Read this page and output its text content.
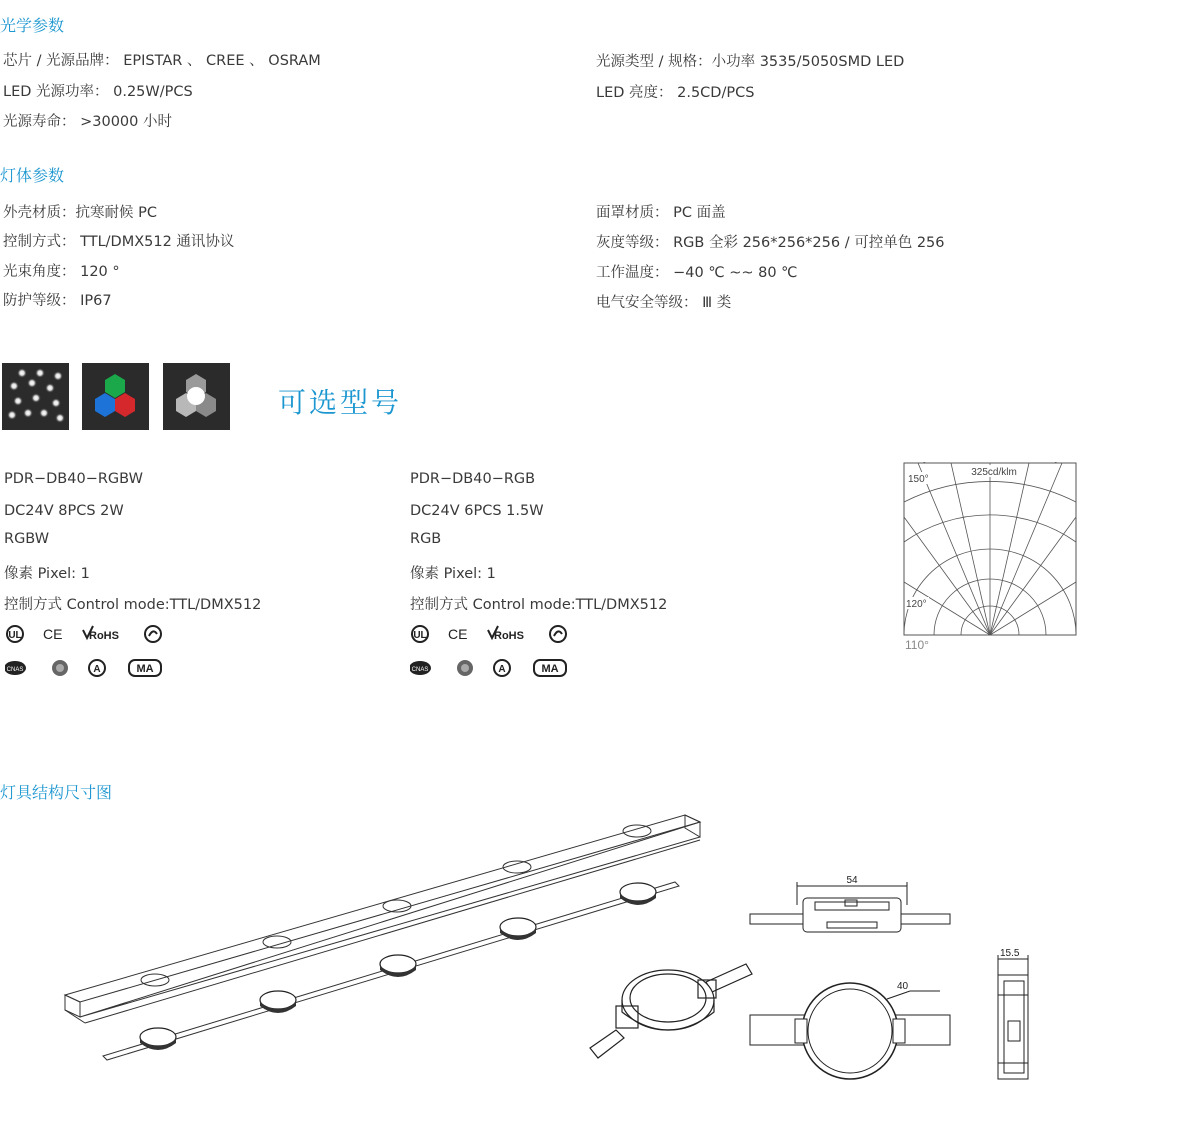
光学参数
芯片 / 光源品牌： EPISTAR 、 CREE 、 OSRAM
LED 光源功率： 0.25W/PCS
光源寿命： >30000 小时
光源类型 / 规格：小功率 3535/5050SMD LED
LED 亮度： 2.5CD/PCS
灯体参数
外壳材质：抗寒耐候 PC
控制方式： TTL/DMX512 通讯协议
光束角度： 120 °
防护等级： IP67
面罩材质： PC 面盖
灰度等级： RGB 全彩 256*256*256 / 可控单色 256
工作温度： −40 ℃ ~~ 80 ℃
电气安全等级： Ⅲ 类
可选型号
PDR−DB40−RGBW
DC24V 8PCS 2W
RGBW
像素 Pixel: 1
控制方式 Control mode:TTL/DMX512
PDR−DB40−RGB
DC24V 6PCS 1.5W
RGB
像素 Pixel: 1
控制方式 Control mode:TTL/DMX512
UL CE RoHS
CNAS	A	MA
UL CE RoHS
CNAS	A	MA
325cd/klm
150°
120°
110°
灯具结构尺寸图
54
40
15.5
